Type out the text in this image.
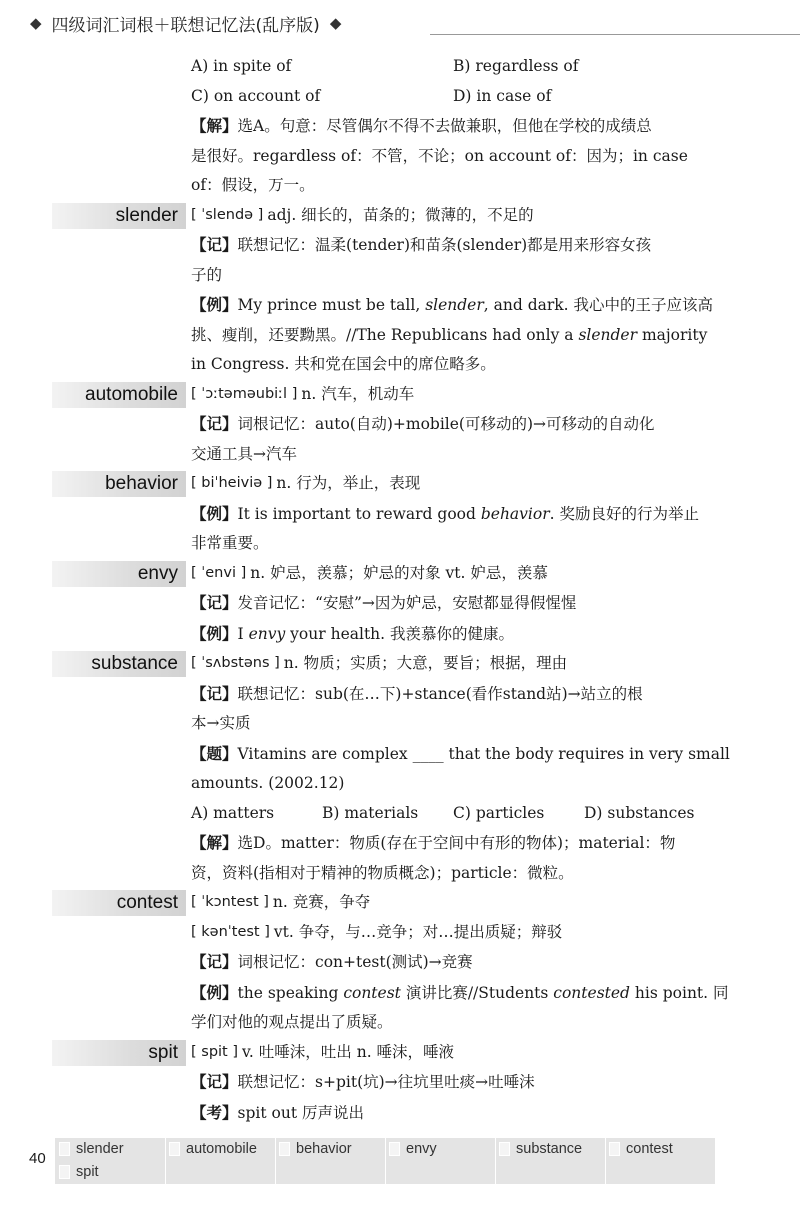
◆ 四级词汇词根＋联想记忆法(乱序版) ◆
A) in spite of	B) regardless of
C) on account of	D) in case of
【解】选A。句意：尽管偶尔不得不去做兼职，但他在学校的成绩总
是很好。regardless of：不管，不论；on account of：因为；in case
of：假设，万一。
slender [ ˈslendə ] adj. 细长的，苗条的；微薄的，不足的
【记】联想记忆：温柔(tender)和苗条(slender)都是用来形容女孩
子的
【例】My prince must be tall, slender, and dark. 我心中的王子应该高
挑、瘦削，还要黝黑。//The Republicans had only a slender majority
in Congress. 共和党在国会中的席位略多。
automobile [ ˈɔːtəməubiːl ] n. 汽车，机动车
【记】词根记忆：auto(自动)+mobile(可移动的)→可移动的自动化
交通工具→汽车
behavior [ biˈheiviə ] n. 行为，举止，表现
【例】It is important to reward good behavior. 奖励良好的行为举止
非常重要。
envy [ ˈenvi ] n. 妒忌，羡慕；妒忌的对象 vt. 妒忌，羡慕
【记】发音记忆：“安慰”→因为妒忌，安慰都显得假惺惺
【例】I envy your health. 我羡慕你的健康。
substance [ ˈsʌbstəns ] n. 物质；实质；大意，要旨；根据，理由
【记】联想记忆：sub(在…下)+stance(看作stand站)→站立的根
本→实质
【题】Vitamins are complex ____ that the body requires in very small
amounts. (2002.12)
A) matters	B) materials	C) particles	D) substances
【解】选D。matter：物质(存在于空间中有形的物体)；material：物
资，资料(指相对于精神的物质概念)；particle：微粒。
contest [ ˈkɔntest ] n. 竞赛，争夺
[ kənˈtest ] vt. 争夺，与…竞争；对…提出质疑；辩驳
【记】词根记忆：con+test(测试)→竞赛
【例】the speaking contest 演讲比赛//Students contested his point. 同
学们对他的观点提出了质疑。
spit [ spit ] v. 吐唾沫，吐出 n. 唾沫，唾液
【记】联想记忆：s+pit(坑)→往坑里吐痰→吐唾沫
【考】spit out 厉声说出
40
slender	automobile	behavior	envy	substance	contest
spit
